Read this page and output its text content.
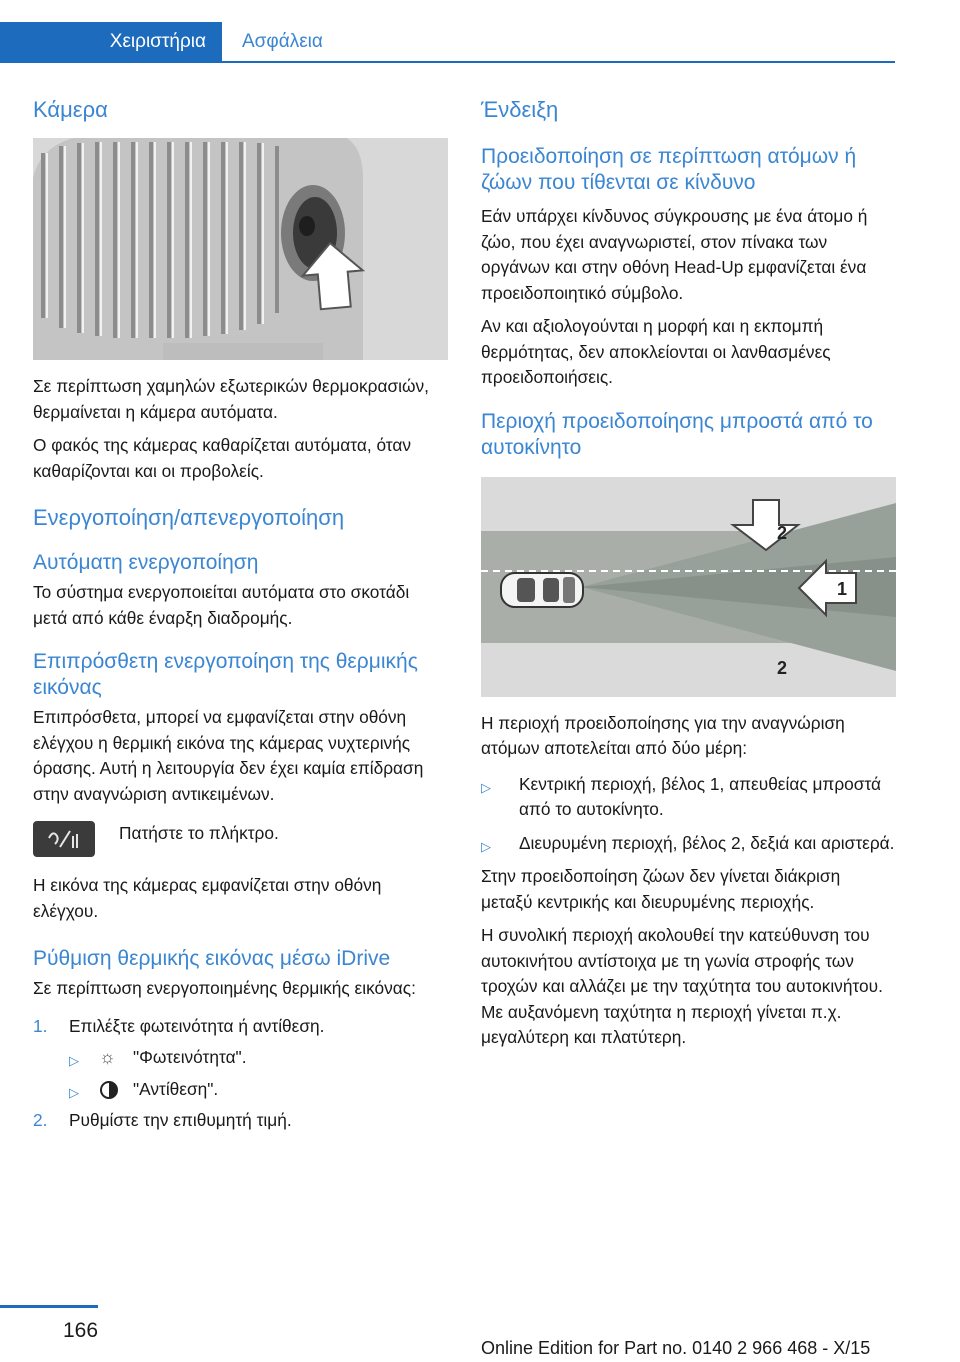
Χειριστήρια	Ασφάλεια
Κάμερα

Σε περίπτωση χαμηλών εξωτερικών θερμοκρασιών, θερμαίνεται η κάμερα αυτόματα.

Ο φακός της κάμερας καθαρίζεται αυτόματα, όταν καθαρίζονται και οι προβολείς.

Ενεργοποίηση/απενεργοποίηση
Αυτόματη ενεργοποίηση

Το σύστημα ενεργοποιείται αυτόματα στο σκοτάδι μετά από κάθε έναρξη διαδρομής.

Επιπρόσθετη ενεργοποίηση της θερμικής εικόνας

Επιπρόσθετα, μπορεί να εμφανίζεται στην οθόνη ελέγχου η θερμική εικόνα της κάμερας νυχτερινής όρασης. Αυτή η λειτουργία δεν έχει καμία επίδραση στην αναγνώριση αντικειμένων.

Πατήστε το πλήκτρο.

Η εικόνα της κάμερας εμφανίζεται στην οθόνη ελέγχου.

Ρύθμιση θερμικής εικόνας μέσω iDrive

Σε περίπτωση ενεργοποιημένης θερμικής εικόνας:

1. Επιλέξτε φωτεινότητα ή αντίθεση.
▷ ☼ "Φωτεινότητα".
▷	"Αντίθεση".
2. Ρυθμίστε την επιθυμητή τιμή.
Ένδειξη
Προειδοποίηση σε περίπτωση ατόμων ή ζώων που τίθενται σε κίνδυνο

Εάν υπάρχει κίνδυνος σύγκρουσης με ένα άτομο ή ζώο, που έχει αναγνωριστεί, στον πίνακα των οργάνων και στην οθόνη Head-Up εμφανίζεται ένα προειδοποιητικό σύμβολο.

Αν και αξιολογούνται η μορφή και η εκπομπή θερμότητας, δεν αποκλείονται οι λανθασμένες προειδοποιήσεις.

Περιοχή προειδοποίησης μπροστά από το αυτοκίνητο
2
1
2

Η περιοχή προειδοποίησης για την αναγνώριση ατόμων αποτελείται από δύο μέρη:

▷ Κεντρική περιοχή, βέλος 1, απευθείας μπροστά από το αυτοκίνητο.
▷ Διευρυμένη περιοχή, βέλος 2, δεξιά και αριστερά.

Στην προειδοποίηση ζώων δεν γίνεται διάκριση μεταξύ κεντρικής και διευρυμένης περιοχής.

Η συνολική περιοχή ακολουθεί την κατεύθυνση του αυτοκινήτου αντίστοιχα με τη γωνία στροφής των τροχών και αλλάζει με την ταχύτητα του αυτοκινήτου. Με αυξανόμενη ταχύτητα η περιοχή γίνεται π.χ. μεγαλύτερη και πλατύτερη.

166
Online Edition for Part no. 0140 2 966 468 - X/15
